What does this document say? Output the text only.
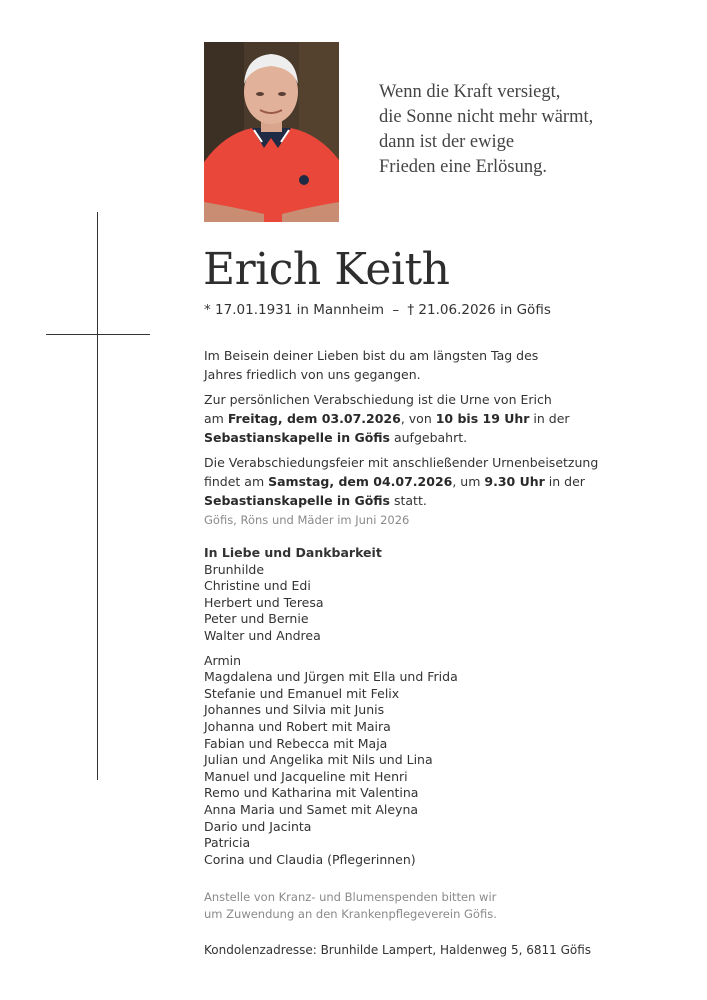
Wenn die Kraft versiegt,
die Sonne nicht mehr wärmt,
dann ist der ewige
Frieden eine Erlösung.
Erich Keith
* 17.01.1931 in Mannheim – † 21.06.2026 in Göfis

Im Beisein deiner Lieben bist du am längsten Tag des
Jahres friedlich von uns gegangen.

Zur persönlichen Verabschiedung ist die Urne von Erich
am Freitag, dem 03.07.2026, von 10 bis 19 Uhr in der
Sebastianskapelle in Göfis aufgebahrt.

Die Verabschiedungsfeier mit anschließender Urnenbeisetzung
findet am Samstag, dem 04.07.2026, um 9.30 Uhr in der
Sebastianskapelle in Göfis statt.

Göfis, Röns und Mäder im Juni 2026
In Liebe und Dankbarkeit
Brunhilde
Christine und Edi
Herbert und Teresa
Peter und Bernie
Walter und Andrea
Armin
Magdalena und Jürgen mit Ella und Frida
Stefanie und Emanuel mit Felix
Johannes und Silvia mit Junis
Johanna und Robert mit Maira
Fabian und Rebecca mit Maja
Julian und Angelika mit Nils und Lina
Manuel und Jacqueline mit Henri
Remo und Katharina mit Valentina
Anna Maria und Samet mit Aleyna
Dario und Jacinta
Patricia
Corina und Claudia (Pflegerinnen)
Anstelle von Kranz- und Blumenspenden bitten wir
um Zuwendung an den Krankenpflegeverein Göfis.
Kondolenzadresse: Brunhilde Lampert, Haldenweg 5, 6811 Göfis
